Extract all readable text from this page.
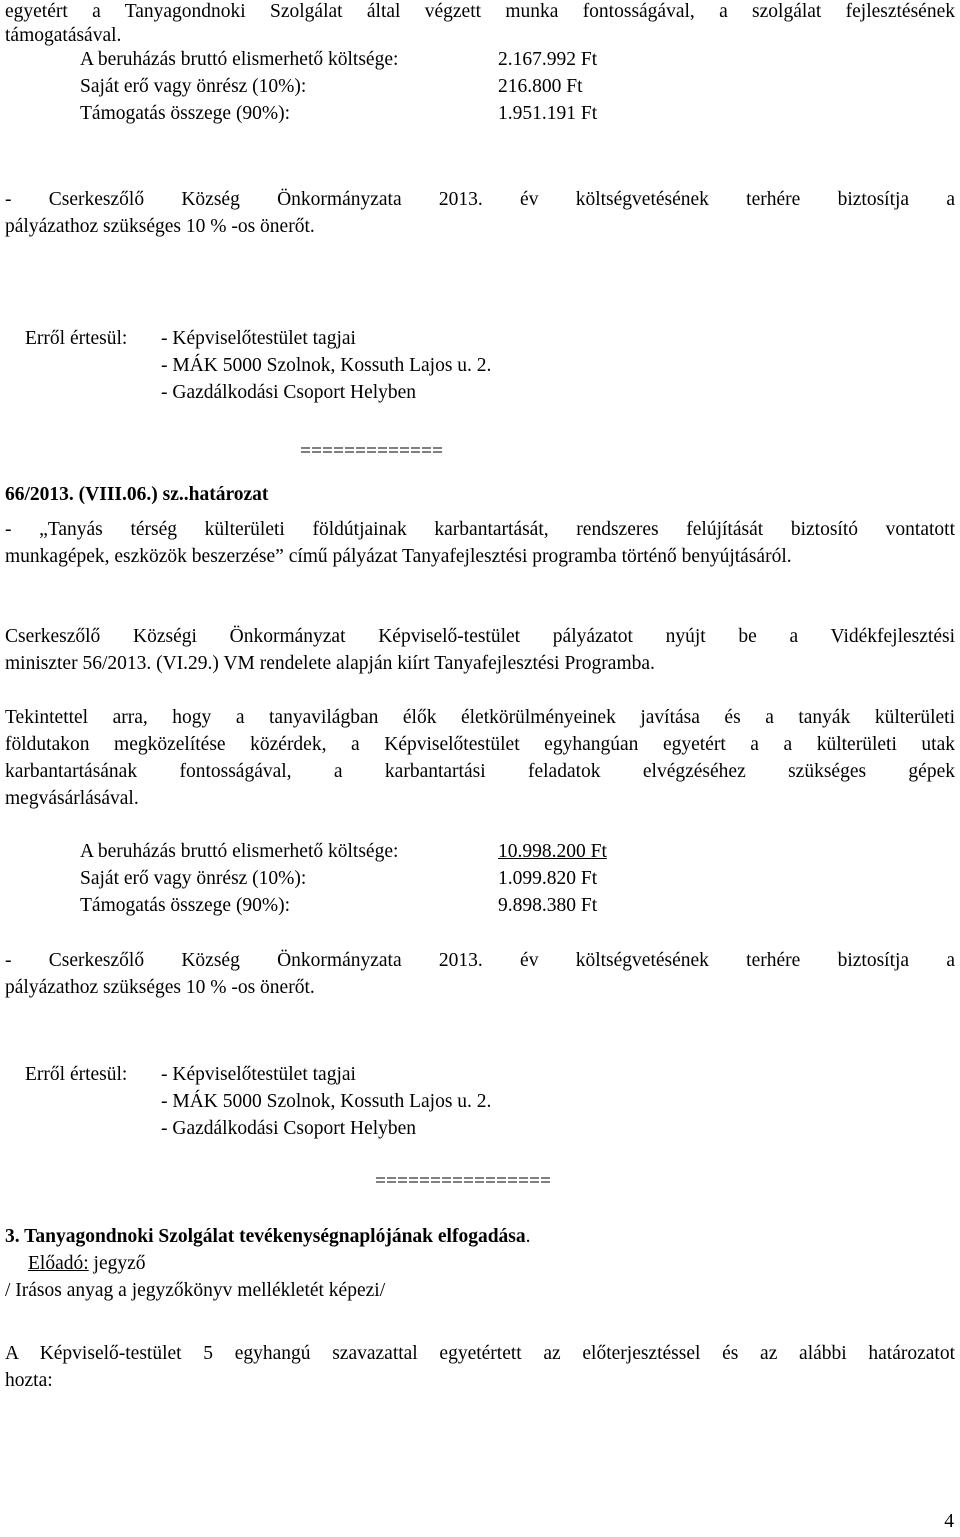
egyetért a Tanyagondnoki Szolgálat által végzett munka fontosságával, a szolgálat fejlesztésének
támogatásával.
A beruházás bruttó elismerhető költsége:	2.167.992 Ft
Saját erő vagy önrész (10%):	216.800 Ft
Támogatás összege (90%):	1.951.191 Ft
- Cserkeszőlő Község Önkormányzata 2013. év költségvetésének terhére biztosítja a
pályázathoz szükséges 10 % -os önerőt.
Erről értesül: - Képviselőtestület tagjai
- MÁK 5000 Szolnok, Kossuth Lajos u. 2.
- Gazdálkodási Csoport Helyben
=============
66/2013. (VIII.06.) sz..határozat
- „Tanyás térség külterületi földútjainak karbantartását, rendszeres felújítását biztosító vontatott
munkagépek, eszközök beszerzése” című pályázat Tanyafejlesztési programba történő benyújtásáról.
Cserkeszőlő Községi Önkormányzat Képviselő-testület pályázatot nyújt be a Vidékfejlesztési
miniszter 56/2013. (VI.29.) VM rendelete alapján kiírt Tanyafejlesztési Programba.
Tekintettel arra, hogy a tanyavilágban élők életkörülményeinek javítása és a tanyák külterületi
földutakon megközelítése közérdek, a Képviselőtestület egyhangúan egyetért a a külterületi utak
karbantartásának fontosságával, a karbantartási feladatok elvégzéséhez szükséges gépek
megvásárlásával.
A beruházás bruttó elismerhető költsége:	10.998.200 Ft
Saját erő vagy önrész (10%):	1.099.820 Ft
Támogatás összege (90%):	9.898.380 Ft
- Cserkeszőlő Község Önkormányzata 2013. év költségvetésének terhére biztosítja a
pályázathoz szükséges 10 % -os önerőt.
Erről értesül: - Képviselőtestület tagjai
- MÁK 5000 Szolnok, Kossuth Lajos u. 2.
- Gazdálkodási Csoport Helyben
================
3. Tanyagondnoki Szolgálat tevékenységnaplójának elfogadása.
Előadó: jegyző
/ Irásos anyag a jegyzőkönyv mellékletét képezi/
A Képviselő-testület 5 egyhangú szavazattal egyetértett az előterjesztéssel és az alábbi határozatot
hozta:
4
